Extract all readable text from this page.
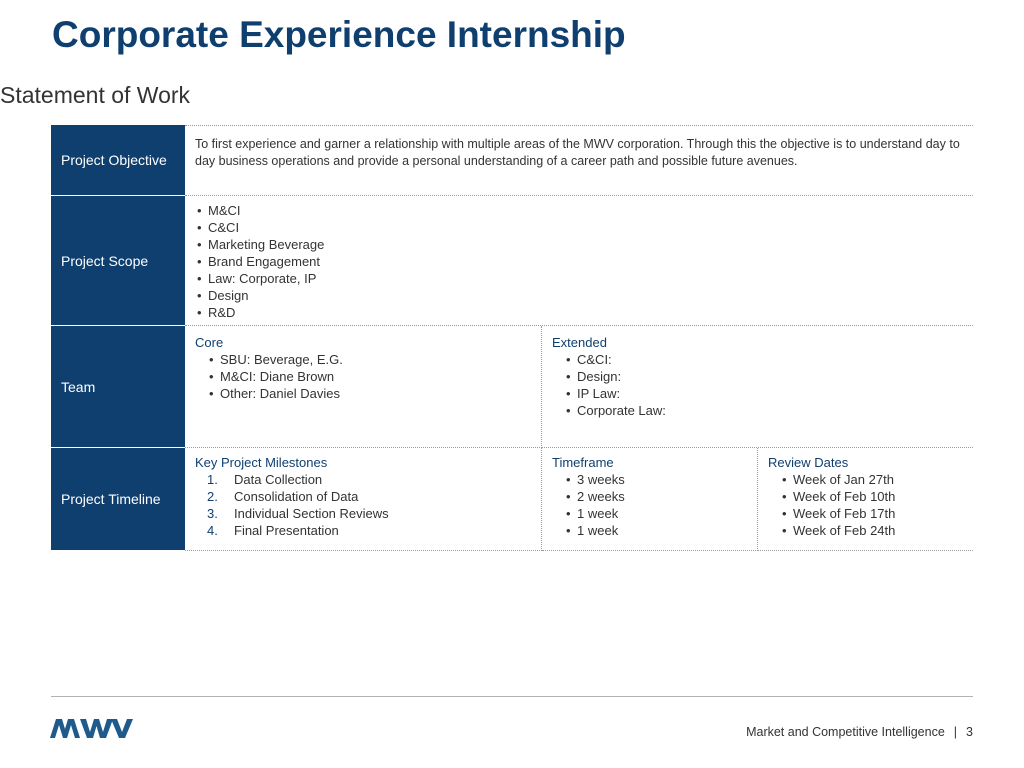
Corporate Experience Internship
Statement of Work
Project Objective
To first experience and garner a relationship with multiple areas of the MWV corporation. Through this the objective is to understand day to day business operations and provide a personal understanding of a career path and possible future avenues.
Project Scope
• M&CI
• C&CI
• Marketing Beverage
• Brand Engagement
• Law: Corporate, IP
• Design
• R&D
Team
Core
• SBU: Beverage, E.G.
• M&CI: Diane Brown
• Other: Daniel Davies
Extended
• C&CI:
• Design:
• IP Law:
• Corporate Law:
Project Timeline
Key Project Milestones
1. Data Collection
2. Consolidation of Data
3. Individual Section Reviews
4. Final Presentation
Timeframe
• 3 weeks
• 2 weeks
• 1 week
• 1 week
Review Dates
• Week of Jan 27th
• Week of Feb 10th
• Week of Feb 17th
• Week of Feb 24th
Market and Competitive Intelligence | 3
